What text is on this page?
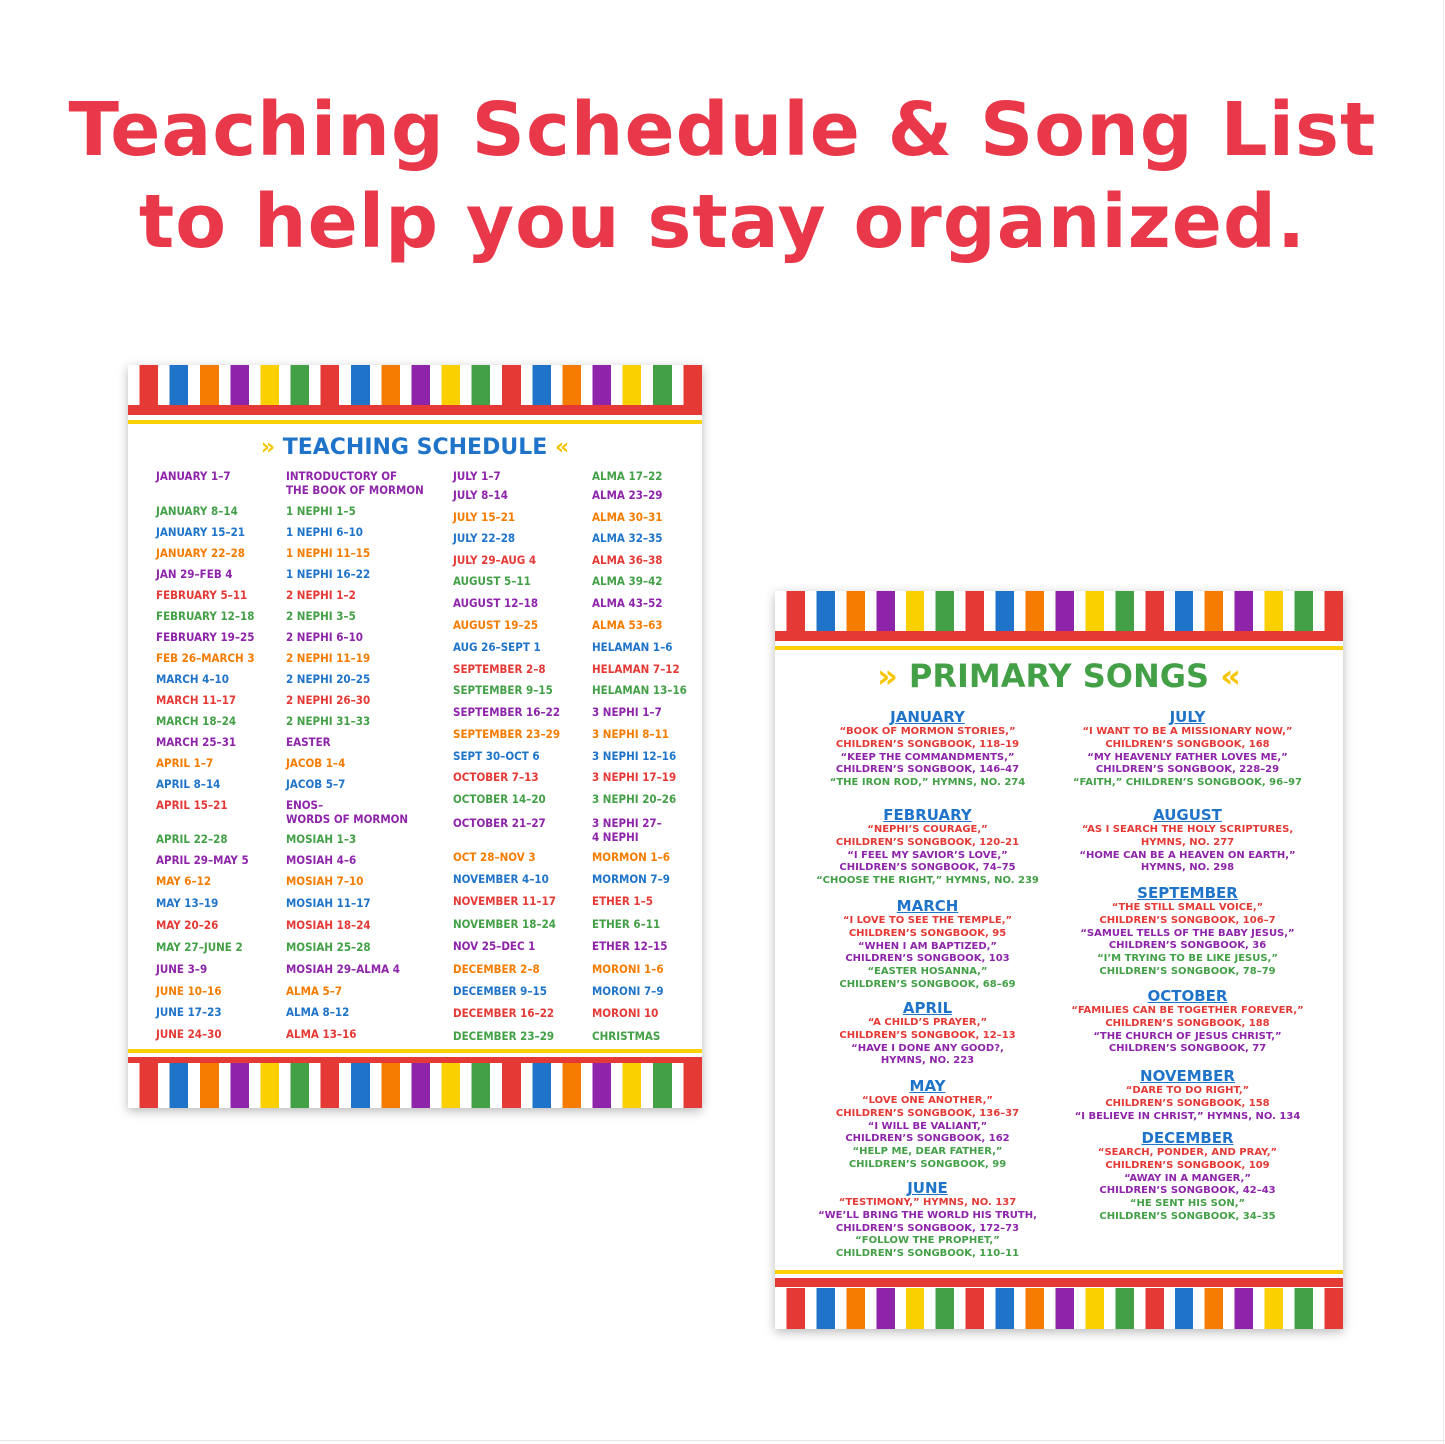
Teaching Schedule & Song List
to help you stay organized.
» TEACHING SCHEDULE «
JANUARY 1–7
JANUARY 8–14
JANUARY 15–21
JANUARY 22–28
JAN 29–FEB 4
FEBRUARY 5–11
FEBRUARY 12–18
FEBRUARY 19–25
FEB 26–MARCH 3
MARCH 4–10
MARCH 11–17
MARCH 18–24
MARCH 25–31
APRIL 1–7
APRIL 8–14
APRIL 15–21
APRIL 22–28
APRIL 29–MAY 5
MAY 6–12
MAY 13–19
MAY 20–26
MAY 27–JUNE 2
JUNE 3–9
JUNE 10–16
JUNE 17–23
JUNE 24–30
INTRODUCTORY OF
THE BOOK OF MORMON
1 NEPHI 1–5
1 NEPHI 6–10
1 NEPHI 11–15
1 NEPHI 16–22
2 NEPHI 1–2
2 NEPHI 3–5
2 NEPHI 6–10
2 NEPHI 11–19
2 NEPHI 20–25
2 NEPHI 26–30
2 NEPHI 31–33
EASTER
JACOB 1–4
JACOB 5–7
ENOS–
WORDS OF MORMON
MOSIAH 1–3
MOSIAH 4–6
MOSIAH 7–10
MOSIAH 11–17
MOSIAH 18–24
MOSIAH 25–28
MOSIAH 29–ALMA 4
ALMA 5–7
ALMA 8–12
ALMA 13–16
JULY 1–7
JULY 8–14
JULY 15–21
JULY 22–28
JULY 29–AUG 4
AUGUST 5–11
AUGUST 12–18
AUGUST 19–25
AUG 26–SEPT 1
SEPTEMBER 2–8
SEPTEMBER 9–15
SEPTEMBER 16–22
SEPTEMBER 23–29
SEPT 30–OCT 6
OCTOBER 7–13
OCTOBER 14–20
OCTOBER 21–27
OCT 28–NOV 3
NOVEMBER 4–10
NOVEMBER 11–17
NOVEMBER 18–24
NOV 25–DEC 1
DECEMBER 2–8
DECEMBER 9–15
DECEMBER 16–22
DECEMBER 23–29
ALMA 17–22
ALMA 23–29
ALMA 30–31
ALMA 32–35
ALMA 36–38
ALMA 39–42
ALMA 43–52
ALMA 53–63
HELAMAN 1–6
HELAMAN 7–12
HELAMAN 13–16
3 NEPHI 1–7
3 NEPHI 8–11
3 NEPHI 12–16
3 NEPHI 17–19
3 NEPHI 20–26
3 NEPHI 27–
4 NEPHI
MORMON 1–6
MORMON 7–9
ETHER 1–5
ETHER 6–11
ETHER 12–15
MORONI 1–6
MORONI 7–9
MORONI 10
CHRISTMAS
» PRIMARY SONGS «
JANUARY
“BOOK OF MORMON STORIES,”
CHILDREN’S SONGBOOK, 118–19
“KEEP THE COMMANDMENTS,”
CHILDREN’S SONGBOOK, 146–47
“THE IRON ROD,” HYMNS, NO. 274
FEBRUARY
“NEPHI’S COURAGE,”
CHILDREN’S SONGBOOK, 120–21
“I FEEL MY SAVIOR’S LOVE,”
CHILDREN’S SONGBOOK, 74–75
“CHOOSE THE RIGHT,” HYMNS, NO. 239
MARCH
“I LOVE TO SEE THE TEMPLE,”
CHILDREN’S SONGBOOK, 95
“WHEN I AM BAPTIZED,”
CHILDREN’S SONGBOOK, 103
“EASTER HOSANNA,”
CHILDREN’S SONGBOOK, 68–69
APRIL
“A CHILD’S PRAYER,”
CHILDREN’S SONGBOOK, 12–13
“HAVE I DONE ANY GOOD?,
HYMNS, NO. 223
MAY
“LOVE ONE ANOTHER,”
CHILDREN’S SONGBOOK, 136–37
“I WILL BE VALIANT,”
CHILDREN’S SONGBOOK, 162
“HELP ME, DEAR FATHER,”
CHILDREN’S SONGBOOK, 99
JUNE
“TESTIMONY,” HYMNS, NO. 137
“WE’LL BRING THE WORLD HIS TRUTH,
CHILDREN’S SONGBOOK, 172–73
“FOLLOW THE PROPHET,”
CHILDREN’S SONGBOOK, 110–11
JULY
“I WANT TO BE A MISSIONARY NOW,”
CHILDREN’S SONGBOOK, 168
“MY HEAVENLY FATHER LOVES ME,”
CHILDREN’S SONGBOOK, 228–29
“FAITH,” CHILDREN’S SONGBOOK, 96–97
AUGUST
“AS I SEARCH THE HOLY SCRIPTURES,
HYMNS, NO. 277
“HOME CAN BE A HEAVEN ON EARTH,”
HYMNS, NO. 298
SEPTEMBER
“THE STILL SMALL VOICE,”
CHILDREN’S SONGBOOK, 106–7
“SAMUEL TELLS OF THE BABY JESUS,”
CHILDREN’S SONGBOOK, 36
“I’M TRYING TO BE LIKE JESUS,”
CHILDREN’S SONGBOOK, 78–79
OCTOBER
“FAMILIES CAN BE TOGETHER FOREVER,”
CHILDREN’S SONGBOOK, 188
“THE CHURCH OF JESUS CHRIST,”
CHILDREN’S SONGBOOK, 77
NOVEMBER
“DARE TO DO RIGHT,”
CHILDREN’S SONGBOOK, 158
“I BELIEVE IN CHRIST,” HYMNS, NO. 134
DECEMBER
“SEARCH, PONDER, AND PRAY,”
CHILDREN’S SONGBOOK, 109
“AWAY IN A MANGER,”
CHILDREN’S SONGBOOK, 42–43
“HE SENT HIS SON,”
CHILDREN’S SONGBOOK, 34–35
